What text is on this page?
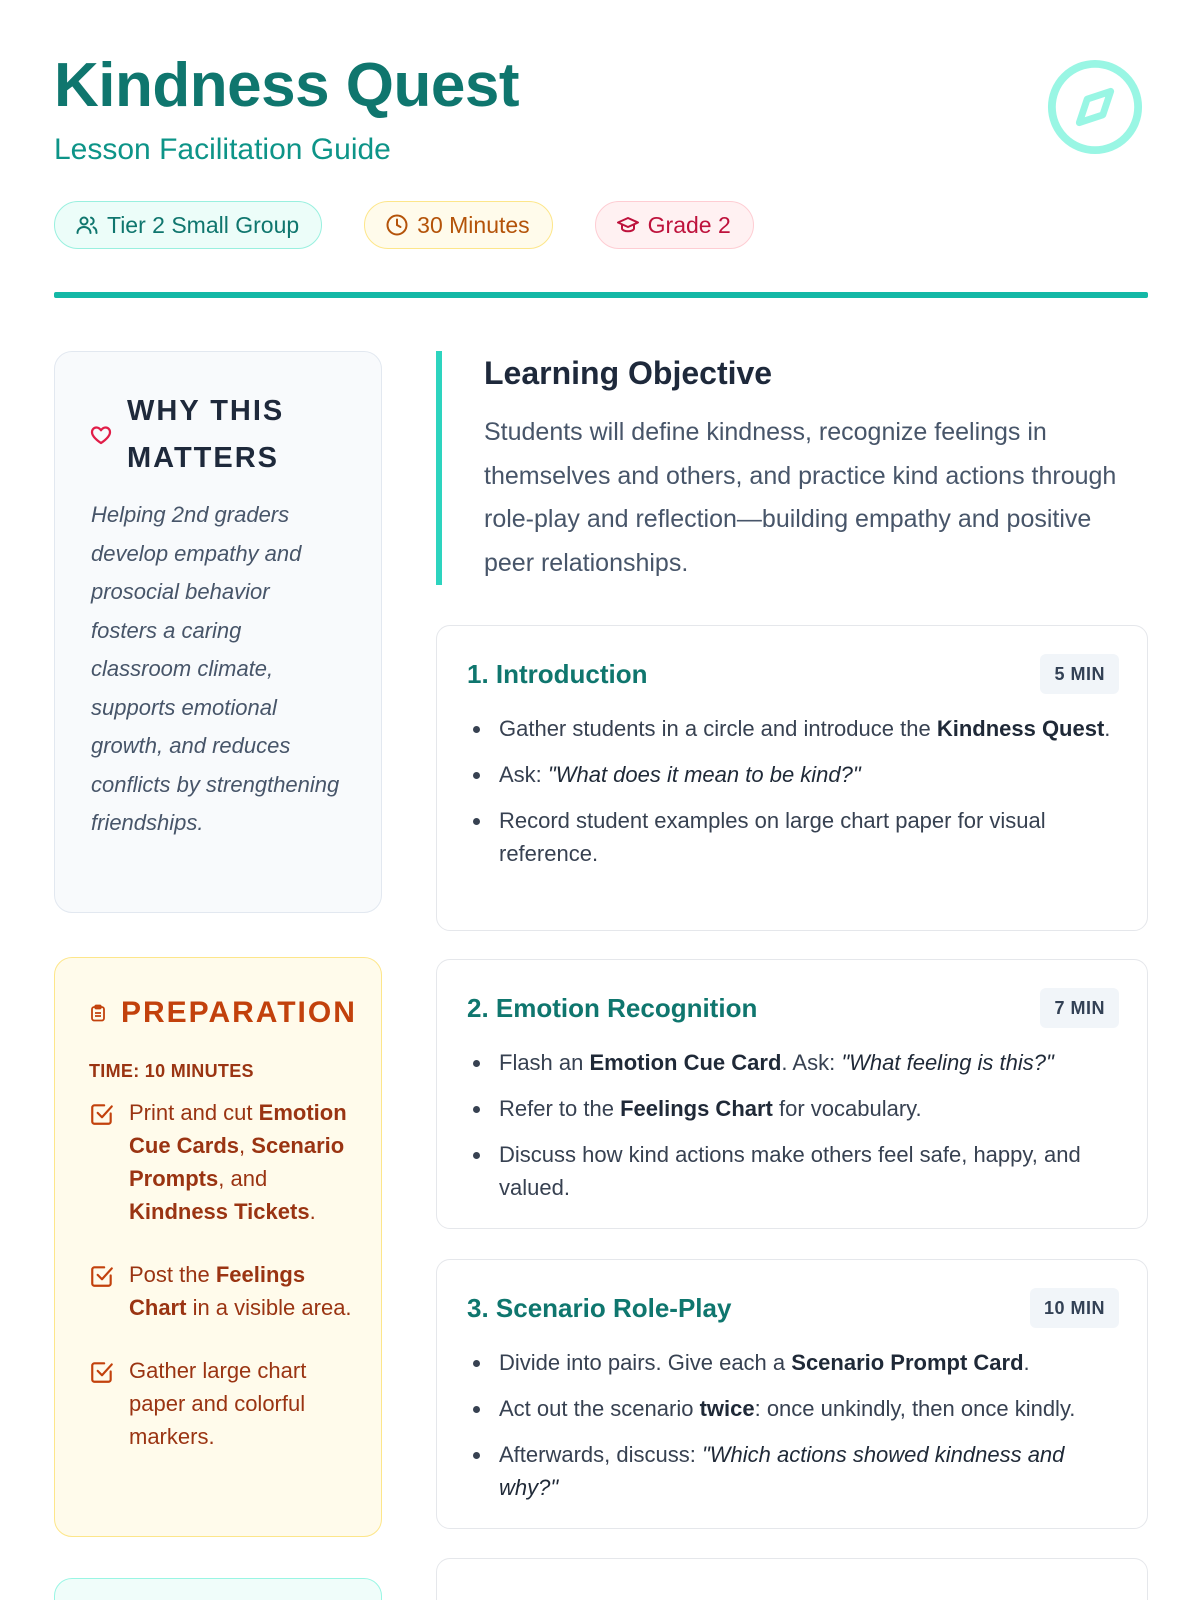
Kindness Quest
Lesson Facilitation Guide
Tier 2 Small Group	30 Minutes	Grade 2
WHY THIS MATTERS

Helping 2nd graders develop empathy and prosocial behavior fosters a caring classroom climate, supports emotional growth, and reduces conflicts by strengthening friendships.

PREPARATION
TIME: 10 MINUTES
Print and cut Emotion Cue Cards, Scenario Prompts, and Kindness Tickets.
Post the Feelings Chart in a visible area.
Gather large chart paper and colorful markers.
Learning Objective

Students will define kindness, recognize feelings in themselves and others, and practice kind actions through role-play and reflection—building empathy and positive peer relationships.

1. Introduction	5 MIN
Gather students in a circle and introduce the Kindness Quest.
Ask: "What does it mean to be kind?"
Record student examples on large chart paper for visual reference.
2. Emotion Recognition	7 MIN
Flash an Emotion Cue Card. Ask: "What feeling is this?"
Refer to the Feelings Chart for vocabulary.
Discuss how kind actions make others feel safe, happy, and valued.
3. Scenario Role-Play	10 MIN
Divide into pairs. Give each a Scenario Prompt Card.
Act out the scenario twice: once unkindly, then once kindly.
Afterwards, discuss: "Which actions showed kindness and why?"
